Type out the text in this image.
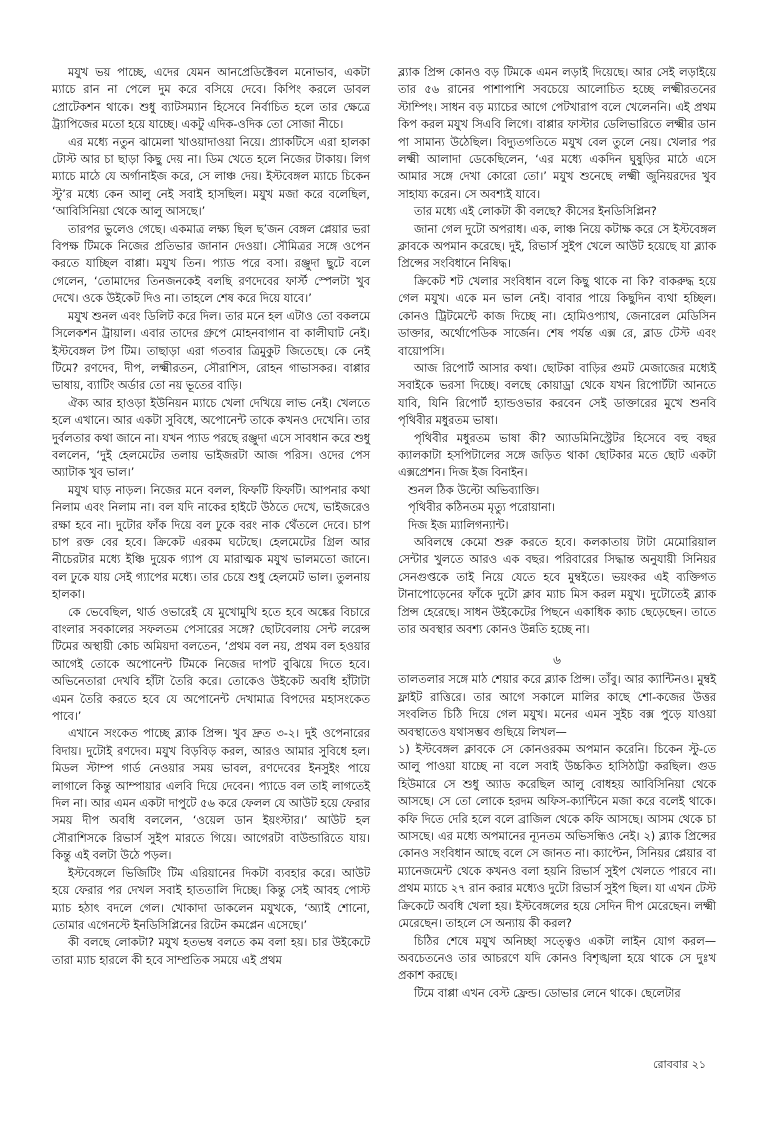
মযুখ ভয় পাচ্ছে, এদের যেমন আনপ্রেডিক্টেবল মনোভাব, একটা ম্যাচে রান না পেলে দুম করে বসিয়ে দেবে। কিপিং করলে ডাবল প্রোটেকশন থাকে। শুধু ব্যাটসম্যান হিসেবে নির্বাচিত হলে তার ক্ষেত্রে ট্র্যাপিজের মতো হয়ে যাচ্ছে। একটু এদিক-ওদিক তো সোজা নীচে।

এর মধ্যে নতুন ঝামেলা খাওয়াদাওয়া নিয়ে। প্র্যাকটিসে এরা হালকা টোস্ট আর চা ছাড়া কিছু দেয় না। ডিম খেতে হলে নিজের টাকায়। লিগ ম্যাচে মাঠে যে অর্গানাইজ করে, সে লাঞ্চ দেয়। ইস্টবেঙ্গল ম্যাচে চিকেন স্টু’র মধ্যে কেন আলু নেই সবাই হাসছিল। মযুখ মজা করে বলেছিল, ‘আবিসিনিয়া থেকে আলু আসছে।’

তারপর ভুলেও গেছে। একমাত্র লক্ষ্য ছিল ছ’জন বেঙ্গল প্লেয়ার ভরা বিপক্ষ টিমকে নিজের প্রতিভার জানান দেওয়া। সৌমিত্রর সঙ্গে ওপেন করতে যাচ্ছিল বাপ্পা। মযুখ তিন। প্যাড পরে বসা। রঞ্জুদা ছুটে বলে গেলেন, ‘তোমাদের তিনজনকেই বলছি রণদেবের ফার্স্ট স্পেলটা খুব দেখে। ওকে উইকেট দিও না। তাহলে শেষ করে দিয়ে যাবে।’

মযুখ শুনল এবং ডিলিট করে দিল। তার মনে হল এটাও তো বকলমে সিলেকশন ট্রায়াল। এবার তাদের গ্রুপে মোহনবাগান বা কালীঘাট নেই। ইস্টবেঙ্গল টপ টিম। তাছাড়া এরা গতবার ত্রিমুকুট জিতেছে। কে নেই টিমে? রণদেব, দীপ, লক্ষ্মীরতন, সৌরাশিস, রোহন গাভাসকর। বাপ্পার ভাষায়, ব্যাটিং অর্ডার তো নয় ভূতের বাড়ি।

ঐক্য আর হাওড়া ইউনিয়ন ম্যাচে খেলা দেখিয়ে লাভ নেই। খেলতে হলে এখানে। আর একটা সুবিধে, অপোনেন্ট তাকে কখনও দেখেনি। তার দুর্বলতার কথা জানে না। যখন প্যাড পরছে রঞ্জুদা এসে সাবধান করে শুধু বললেন, ‘দুই হেলমেটের তলায় ভাইজরটা আজ পরিস। ওদের পেস অ্যাটাক খুব ভাল।’

মযুখ ঘাড় নাড়ল। নিজের মনে বলল, ফিফটি ফিফটি। আপনার কথা নিলাম এবং নিলাম না। বল যদি নাকের হাইটে উঠতে দেখে, ভাইজরেও রক্ষা হবে না। দুটোর ফাঁক দিয়ে বল ঢুকে বরং নাক থেঁতলে দেবে। চাপ চাপ রক্ত বের হবে। ক্রিকেট এরকম ঘটেছে। হেলমেটের গ্রিল আর নীচেরটার মধ্যে ইঞ্চি দুয়েক গ্যাপ যে মারাত্মক মযুখ ভালমতো জানে। বল ঢুকে যায় সেই গ্যাপের মধ্যে। তার চেয়ে শুধু হেলমেট ভাল। তুলনায় হালকা।

কে ভেবেছিল, থার্ড ওভারেই যে মুখোমুখি হতে হবে অঙ্কের বিচারে বাংলার সবকালের সফলতম পেসারের সঙ্গে? ছোটবেলায় সেন্ট লরেন্স টিমের অস্থায়ী কোচ অমিয়দা বলতেন, ‘প্রথম বল নয়, প্রথম বল হওয়ার আগেই তোকে অপোনেন্ট টিমকে নিজের দাপট বুঝিয়ে দিতে হবে। অভিনেতারা দেখবি হাঁটা তৈরি করে। তোকেও উইকেট অবধি হাঁটাটা এমন তৈরি করতে হবে যে অপোনেন্ট দেখামাত্র বিপদের মহাসংকেত পাবে।’

এখানে সংকেত পাচ্ছে ব্ল্যাক প্রিন্স। খুব দ্রুত ৩-২। দুই ওপেনারের বিদায়। দুটোই রণদেব। মযুখ বিড়বিড় করল, আরও আমার সুবিধে হল। মিডল স্টাম্প গার্ড নেওয়ার সময় ভাবল, রণদেবের ইনসুইং পায়ে লাগালে কিন্তু আম্পায়ার এলবি দিয়ে দেবেন। প্যাডে বল তাই লাগতেই দিল না। আর এমন একটা দাপুটে ৫৬ করে ফেলল যে আউট হয়ে ফেরার সময় দীপ অবধি বললেন, ‘ওয়েল ডান ইয়ংস্টার।’ আউট হল সৌরাশিসকে রিভার্স সুইপ মারতে গিয়ে। আগেরটা বাউন্ডারিতে যায়। কিন্তু এই বলটা উঠে পড়ল।

ইস্টবেঙ্গলে ভিজিটিং টিম এরিয়ানের দিকটা ব্যবহার করে। আউট হয়ে ফেরার পর দেখল সবাই হাততালি দিচ্ছে। কিন্তু সেই আবহ পোস্ট ম্যাচ হঠাৎ বদলে গেল। খোকাদা ডাকলেন মযুখকে, ‘অ্যাই শোনো, তোমার এগেনস্টে ইনডিসিপ্লিনের রিটেন কমপ্লেন এসেছে।’

কী বলছে লোকটা? মযুখ হতভম্ব বলতে কম বলা হয়। চার উইকেটে তারা ম্যাচ হারলে কী হবে সাম্প্রতিক সময়ে এই প্রথম

ব্ল্যাক প্রিন্স কোনও বড় টিমকে এমন লড়াই দিয়েছে। আর সেই লড়াইয়ে তার ৫৬ রানের পাশাপাশি সবচেয়ে আলোচিত হচ্ছে লক্ষ্মীরতনের স্টাম্পিং। সাধন বড় ম্যাচের আগে পেটখারাপ বলে খেলেননি। এই প্রথম কিপ করল মযুখ সিএবি লিগে। বাপ্পার ফাস্টার ডেলিভারিতে লক্ষ্মীর ডান পা সামান্য উঠেছিল। বিদ্যুতগতিতে মযুখ বেল তুলে নেয়। খেলার পর লক্ষ্মী আলাদা ডেকেছিলেন, ‘এর মধ্যে একদিন ঘুষুড়ির মাঠে এসে আমার সঙ্গে দেখা কোরো তো।’ মযুখ শুনেছে লক্ষ্মী জুনিয়রদের খুব সাহায্য করেন। সে অবশ্যই যাবে।

তার মধ্যে এই লোকটা কী বলছে? কীসের ইনডিসিপ্লিন?

জানা গেল দুটো অপরাধ। এক, লাঞ্চ নিয়ে কটাক্ষ করে সে ইস্টবেঙ্গল ক্লাবকে অপমান করেছে। দুই, রিভার্স সুইপ খেলে আউট হয়েছে যা ব্ল্যাক প্রিন্সের সংবিধানে নিষিদ্ধ।

ক্রিকেট শট খেলার সংবিধান বলে কিছু থাকে না কি? বাকরুদ্ধ হয়ে গেল মযুখ। একে মন ভাল নেই। বাবার পায়ে কিছুদিন ব্যথা হচ্ছিল। কোনও ট্রিটমেন্টে কাজ দিচ্ছে না। হোমিওপ্যাথ, জেনারেল মেডিসিন ডাক্তার, অর্থোপেডিক সার্জেন। শেষ পর্যন্ত এক্স রে, ব্লাড টেস্ট এবং বায়োপসি।

আজ রিপোর্ট আসার কথা। ছোটকা বাড়ির গুমট মেজাজের মধ্যেই সবাইকে ভরসা দিচ্ছে। বলছে কোয়াড্রা থেকে যখন রিপোর্টটা আনতে যাবি, যিনি রিপোর্ট হ্যান্ডওভার করবেন সেই ডাক্তারের মুখে শুনবি পৃথিবীর মধুরতম ভাষা।

পৃথিবীর মধুরতম ভাষা কী? অ্যাডমিনিস্ট্রেটর হিসেবে বহু বছর ক্যালকাটা হসপিটালের সঙ্গে জড়িত থাকা ছোটকার মতে ছোট একটা এক্সপ্রেশন। দিজ ইজ বিনাইন।

শুনল ঠিক উল্টো অভিব্যাক্তি।

পৃথিবীর কঠিনতম মৃত্যু পরোয়ানা।

দিজ ইজ ম্যালিগন্যান্ট।

অবিলম্বে কেমো শুরু করতে হবে। কলকাতায় টাটা মেমোরিয়াল সেন্টার খুলতে আরও এক বছর। পরিবারের সিদ্ধান্ত অনুযায়ী সিনিয়র সেনগুপ্তকে তাই নিয়ে যেতে হবে মুম্বইতে। ভয়ংকর এই ব্যক্তিগত টানাপোড়েনের ফাঁকে দুটো ক্লাব ম্যাচ মিস করল মযুখ। দুটোতেই ব্ল্যাক প্রিন্স হেরেছে। সাধন উইকেটের পিছনে একাধিক ক্যাচ ছেড়েছেন। তাতে তার অবস্থার অবশ্য কোনও উন্নতি হচ্ছে না।

৬

তালতলার সঙ্গে মাঠ শেয়ার করে ব্ল্যাক প্রিন্স। তাঁবু। আর ক্যান্টিনও। মুম্বই ফ্লাইট রাত্তিরে। তার আগে সকালে মালির কাছে শো-কজের উত্তর সংবলিত চিঠি দিয়ে গেল মযুখ। মনের এমন সুইচ বক্স পুড়ে যাওয়া অবস্থাতেও যথাসম্ভব গুছিয়ে লিখল—

১) ইস্টবেঙ্গল ক্লাবকে সে কোনওরকম অপমান করেনি। চিকেন স্টু-তে আলু পাওয়া যাচ্ছে না বলে সবাই উচ্চকিত হাসিঠাট্টা করছিল। গুড হিউমারে সে শুধু অ্যাড করেছিল আলু বোধহয় আবিসিনিয়া থেকে আসছে। সে তো লোকে হরদম অফিস-ক্যান্টিনে মজা করে বলেই থাকে। কফি দিতে দেরি হলে বলে ব্রাজিল থেকে কফি আসছে। আসম থেকে চা আসছে। এর মধ্যে অপমানের ন্যূনতম অভিসন্ধিও নেই। ২) ব্ল্যাক প্রিন্সের কোনও সংবিধান আছে বলে সে জানত না। ক্যাপ্টেন, সিনিয়র প্লেয়ার বা ম্যানেজমেন্ট থেকে কখনও বলা হয়নি রিভার্স সুইপ খেলতে পারবে না। প্রথম ম্যাচে ২৭ রান করার মধ্যেও দুটো রিভার্স সুইপ ছিল। যা এখন টেস্ট ক্রিকেটে অবধি খেলা হয়। ইস্টবেঙ্গলের হয়ে সেদিন দীপ মেরেছেন। লক্ষ্মী মেরেছেন। তাহলে সে অন্যায় কী করল?

চিঠির শেষে মযুখ অনিচ্ছা সত্ত্বেও একটা লাইন যোগ করল— অবচেতনেও তার আচরণে যদি কোনও বিশৃঙ্খলা হয়ে থাকে সে দুঃখ প্রকাশ করছে।

টিমে বাপ্পা এখন বেস্ট ফ্রেন্ড। ডোভার লেনে থাকে। ছেলেটার

রোববার ২১
